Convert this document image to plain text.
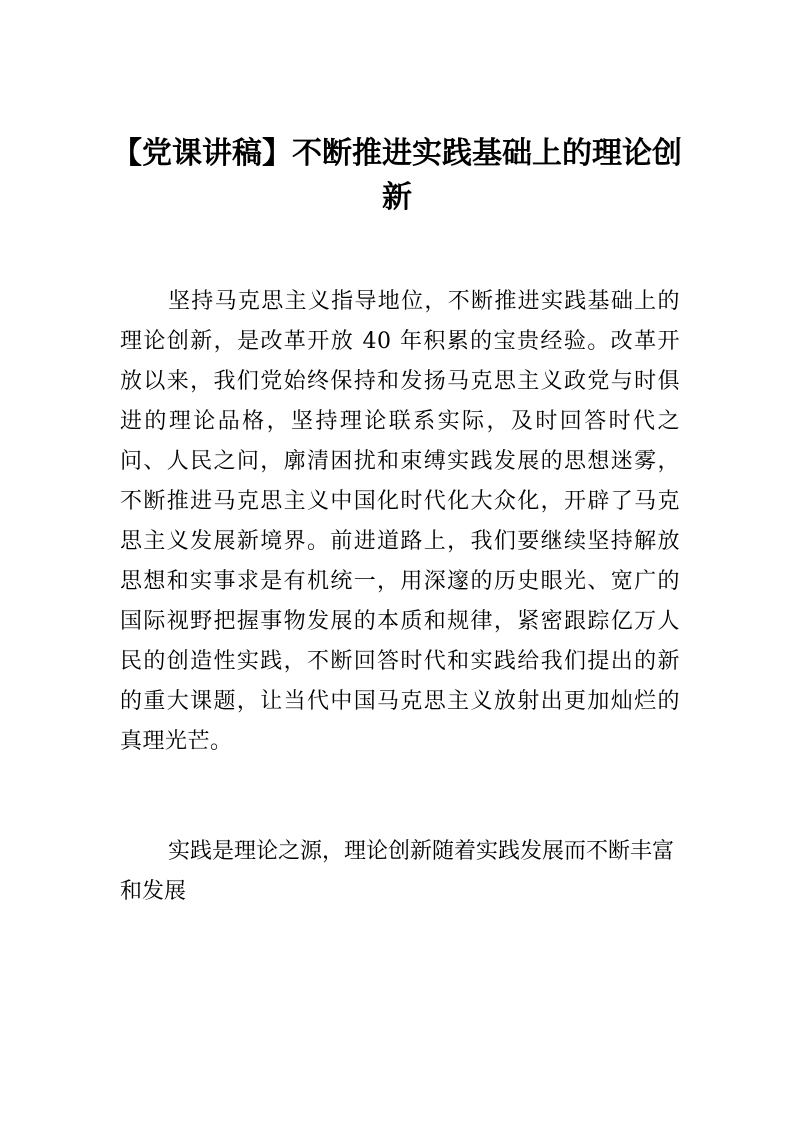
【党课讲稿】不断推进实践基础上的理论创新

坚持马克思主义指导地位，不断推进实践基础上的理论创新，是改革开放 40 年积累的宝贵经验。改革开放以来，我们党始终保持和发扬马克思主义政党与时俱进的理论品格，坚持理论联系实际，及时回答时代之问、人民之问，廓清困扰和束缚实践发展的思想迷雾，不断推进马克思主义中国化时代化大众化，开辟了马克思主义发展新境界。前进道路上，我们要继续坚持解放思想和实事求是有机统一，用深邃的历史眼光、宽广的国际视野把握事物发展的本质和规律，紧密跟踪亿万人民的创造性实践，不断回答时代和实践给我们提出的新的重大课题，让当代中国马克思主义放射出更加灿烂的真理光芒。

实践是理论之源，理论创新随着实践发展而不断丰富和发展
